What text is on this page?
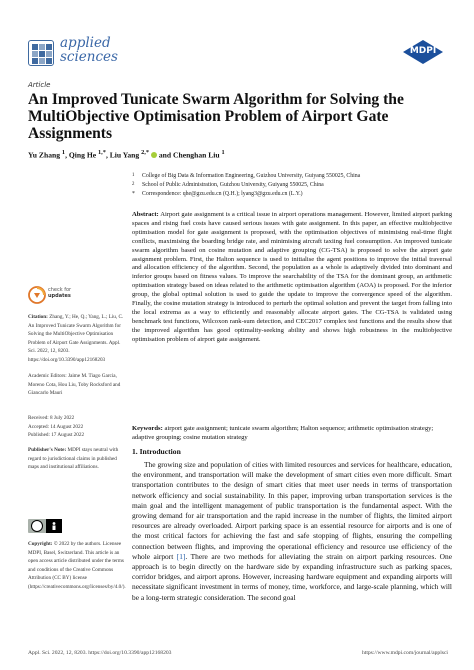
applied
sciences	MDPI
Article
An Improved Tunicate Swarm Algorithm for Solving the MultiObjective Optimisation Problem of Airport Gate Assignments
Yu Zhang $^1$, Qing He $^{1,*}$, Liu Yang $^{2,*}$ and Chenghan Liu $^1$
1	College of Big Data & Information Engineering, Guizhou University, Guiyang 550025, China
2	School of Public Administration, Guizhou University, Guiyang 550025, China
*	Correspondence: qhe@gzu.edu.cn (Q.H.); lyang3@gzu.edu.cn (L.Y.)
Abstract: Airport gate assignment is a critical issue in airport operations management. However, limited airport parking spaces and rising fuel costs have caused serious issues with gate assignment. In this paper, an effective multiobjective optimisation model for gate assignment is proposed, with the optimisation objectives of minimising real-time flight conflicts, maximising the boarding bridge rate, and minimising aircraft taxiing fuel consumption. An improved tunicate swarm algorithm based on cosine mutation and adaptive grouping (CG-TSA) is proposed to solve the airport gate assignment problem. First, the Halton sequence is used to initialise the agent positions to improve the initial traversal and allocation efficiency of the algorithm. Second, the population as a whole is adaptively divided into dominant and inferior groups based on fitness values. To improve the searchability of the TSA for the dominant group, an arithmetic optimisation strategy based on ideas related to the arithmetic optimisation algorithm (AOA) is proposed. For the inferior group, the global optimal solution is used to guide the update to improve the convergence speed of the algorithm. Finally, the cosine mutation strategy is introduced to perturb the optimal solution and prevent the target from falling into the local extrema as a way to efficiently and reasonably allocate airport gates. The CG-TSA is validated using benchmark test functions, Wilcoxon rank-sum detection, and CEC2017 complex test functions and the results show that the improved algorithm has good optimality-seeking ability and shows high robustness in the multiobjective optimisation problem of airport gate assignment.
Keywords: airport gate assignment; tunicate swarm algorithm; Halton sequence; arithmetic optimisation strategy; adaptive grouping; cosine mutation strategy
check for
updates
Citation: Zhang, Y.; He, Q.; Yang, L.; Liu, C. An Improved Tunicate Swarm Algorithm for Solving the MultiObjective Optimisation Problem of Airport Gate Assignments. Appl. Sci. 2022, 12, 8203. https://doi.org/10.3390/app12168203
Academic Editors: Jaime M. Tiago Garcia, Moreno Cota, Hou Liu, Toby Rocksford and Giancarlo Mauri
Received: 8 July 2022
Accepted: 14 August 2022
Published: 17 August 2022
Publisher's Note: MDPI stays neutral with regard to jurisdictional claims in published maps and institutional affiliations.
Copyright: © 2022 by the authors. Licensee MDPI, Basel, Switzerland. This article is an open access article distributed under the terms and conditions of the Creative Commons Attribution (CC BY) license (https://creativecommons.org/licenses/by/4.0/).
1. Introduction

The growing size and population of cities with limited resources and services for healthcare, education, the environment, and transportation will make the development of smart cities even more difficult. Smart transportation contributes to the design of smart cities that meet user needs in terms of transportation network efficiency and social sustainability. In this paper, improving urban transportation services is the main goal and the intelligent management of public transportation is the fundamental aspect. With the growing demand for air transportation and the rapid increase in the number of flights, the limited airport resources are already overloaded. Airport parking space is an essential resource for airports and is one of the most critical factors for achieving the fast and safe stopping of flights, ensuring the compelling connection between flights, and improving the operational efficiency and resource use efficiency of the whole airport [1]. There are two methods for alleviating the strain on airport parking resources. One approach is to begin directly on the hardware side by expanding infrastructure such as parking spaces, corridor bridges, and airport aprons. However, increasing hardware equipment and expanding airports will necessitate significant investment in terms of money, time, workforce, and large-scale planning, which will be a long-term strategic consideration. The second goal

Appl. Sci. 2022, 12, 8203. https://doi.org/10.3390/app12168203	https://www.mdpi.com/journal/applsci
